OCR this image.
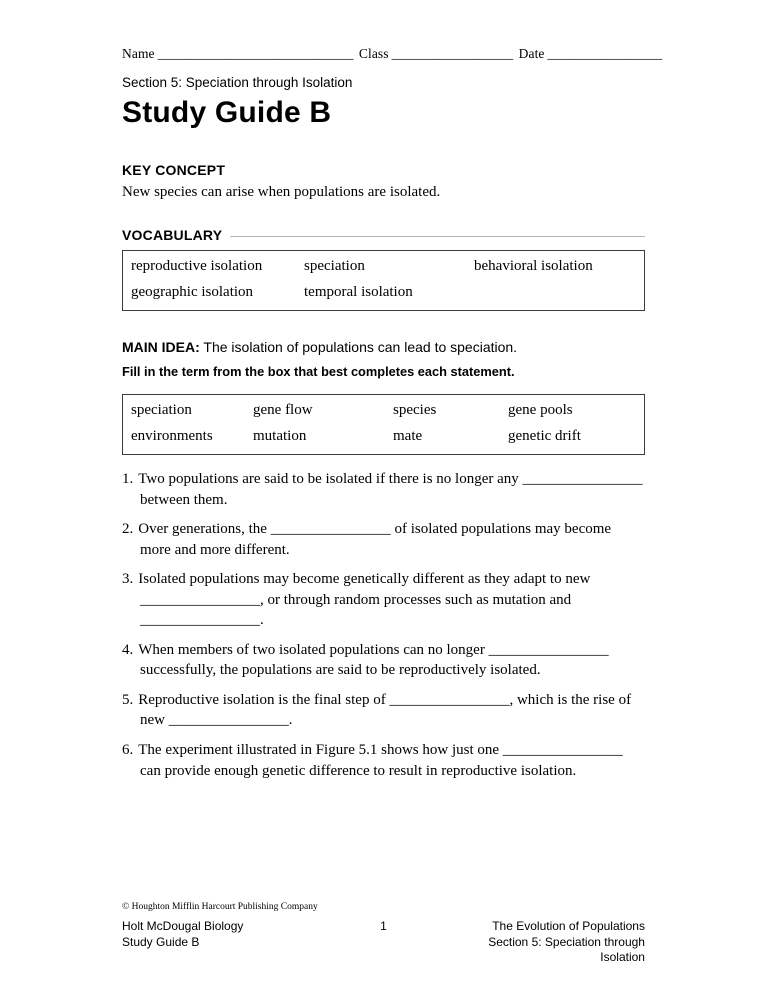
Name _____________________________ Class __________________ Date _________________
Section 5: Speciation through Isolation
Study Guide B
KEY CONCEPT
New species can arise when populations are isolated.
VOCABULARY
reproductive isolation	speciation	behavioral isolation
geographic isolation	temporal isolation
MAIN IDEA: The isolation of populations can lead to speciation.
Fill in the term from the box that best completes each statement.
speciation	gene flow	species	gene pools
environments	mutation	mate	genetic drift
1. Two populations are said to be isolated if there is no longer any ________________ between them.
2. Over generations, the ________________ of isolated populations may become more and more different.
3. Isolated populations may become genetically different as they adapt to new ________________, or through random processes such as mutation and ________________.
4. When members of two isolated populations can no longer ________________ successfully, the populations are said to be reproductively isolated.
5. Reproductive isolation is the final step of ________________, which is the rise of new ________________.
6. The experiment illustrated in Figure 5.1 shows how just one ________________ can provide enough genetic difference to result in reproductive isolation.
© Houghton Mifflin Harcourt Publishing Company
Holt McDougal Biology
Study Guide B
1	The Evolution of Populations
Section 5: Speciation through Isolation
